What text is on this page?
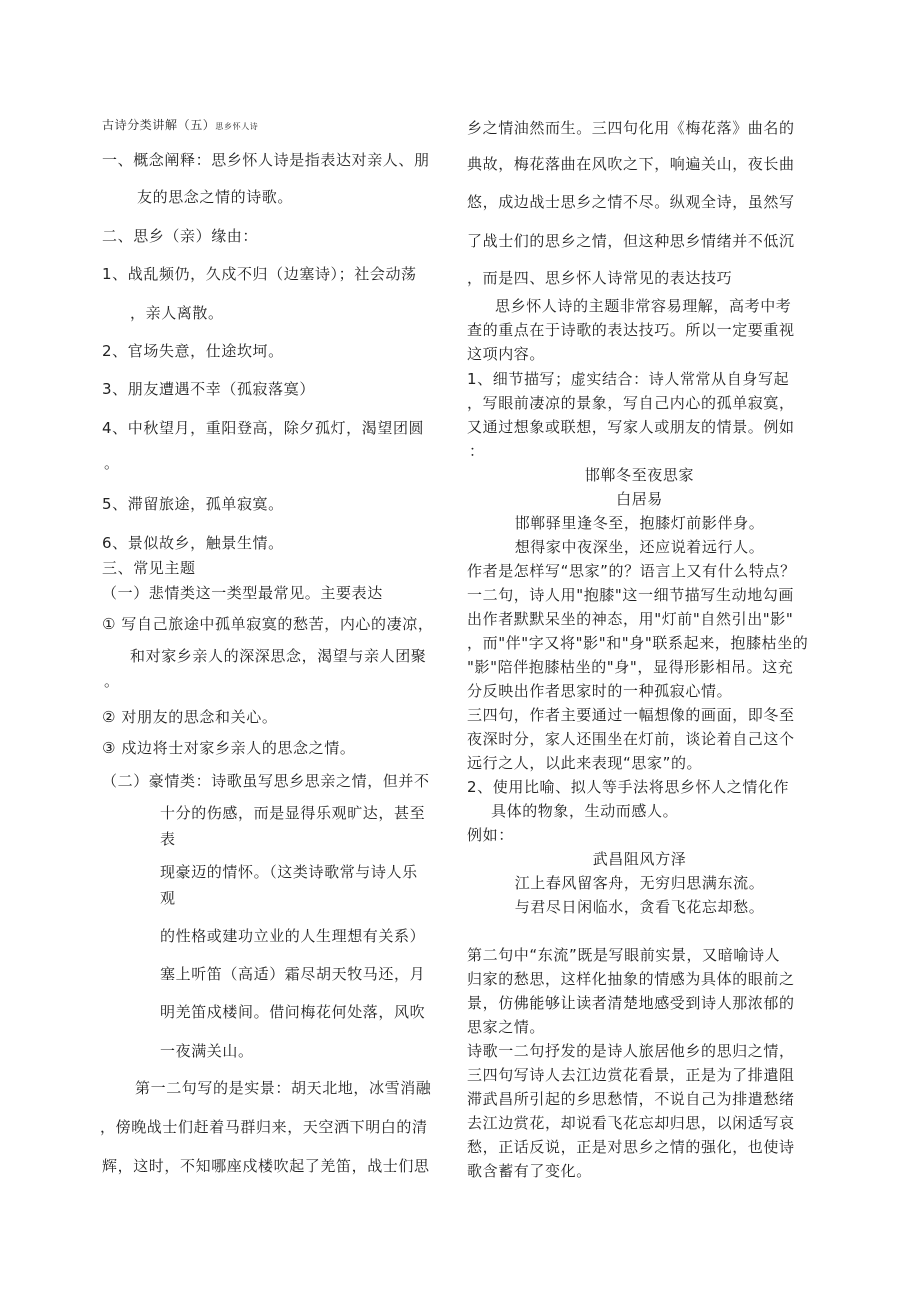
古诗分类讲解（五）思乡怀人诗
一、概念阐释：思乡怀人诗是指表达对亲人、朋
友的思念之情的诗歌。
二、思乡（亲）缘由：
1、战乱频仍，久戍不归（边塞诗）；社会动荡
，亲人离散。
2、官场失意，仕途坎坷。
3、朋友遭遇不幸（孤寂落寞）
4、中秋望月，重阳登高，除夕孤灯，渴望团圆
。
5、滞留旅途，孤单寂寞。
6、景似故乡，触景生情。
三、常见主题
（一）悲情类这一类型最常见。主要表达
① 写自己旅途中孤单寂寞的愁苦，内心的凄凉，
和对家乡亲人的深深思念，渴望与亲人团聚
。
② 对朋友的思念和关心。
③ 戍边将士对家乡亲人的思念之情。
（二）豪情类：诗歌虽写思乡思亲之情，但并不
十分的伤感，而是显得乐观旷达，甚至
表
现豪迈的情怀。（这类诗歌常与诗人乐
观
的性格或建功立业的人生理想有关系）
塞上听笛（高适）霜尽胡天牧马还，月
明羌笛戍楼间。借问梅花何处落，风吹
一夜满关山。
第一二句写的是实景：胡天北地，冰雪消融
，傍晚战士们赶着马群归来，天空洒下明白的清
辉，这时，不知哪座戍楼吹起了羌笛，战士们思
乡之情油然而生。三四句化用《梅花落》曲名的
典故，梅花落曲在风吹之下，响遍关山，夜长曲
悠，成边战士思乡之情不尽。纵观全诗，虽然写
了战士们的思乡之情，但这种思乡情绪并不低沉
，而是四、思乡怀人诗常见的表达技巧
思乡怀人诗的主题非常容易理解，高考中考
查的重点在于诗歌的表达技巧。所以一定要重视
这项内容。
1、细节描写；虚实结合：诗人常常从自身写起
，写眼前凄凉的景象，写自己内心的孤单寂寞，
又通过想象或联想，写家人或朋友的情景。例如
：
邯郸冬至夜思家
白居易
邯郸驿里逢冬至，抱膝灯前影伴身。
想得家中夜深坐，还应说着远行人。
作者是怎样写“思家”的？语言上又有什么特点？
一二句，诗人用"抱膝"这一细节描写生动地勾画
出作者默默呆坐的神态，用"灯前"自然引出"影"
，而"伴"字又将"影"和"身"联系起来，抱膝枯坐的
"影"陪伴抱膝枯坐的"身"，显得形影相吊。这充
分反映出作者思家时的一种孤寂心情。
三四句，作者主要通过一幅想像的画面，即冬至
夜深时分，家人还围坐在灯前，谈论着自己这个
远行之人，以此来表现“思家”的。
2、使用比喻、拟人等手法将思乡怀人之情化作
具体的物象，生动而感人。
例如：
武昌阻风方泽
江上春风留客舟，无穷归思满东流。
与君尽日闲临水，贪看飞花忘却愁。
第二句中“东流”既是写眼前实景，又暗喻诗人
归家的愁思，这样化抽象的情感为具体的眼前之
景，仿佛能够让读者清楚地感受到诗人那浓郁的
思家之情。
诗歌一二句抒发的是诗人旅居他乡的思归之情，
三四句写诗人去江边赏花看景，正是为了排遣阻
滞武昌所引起的乡思愁情，不说自己为排遣愁绪
去江边赏花，却说看飞花忘却归思，以闲适写哀
愁，正话反说，正是对思乡之情的强化，也使诗
歌含蓄有了变化。
